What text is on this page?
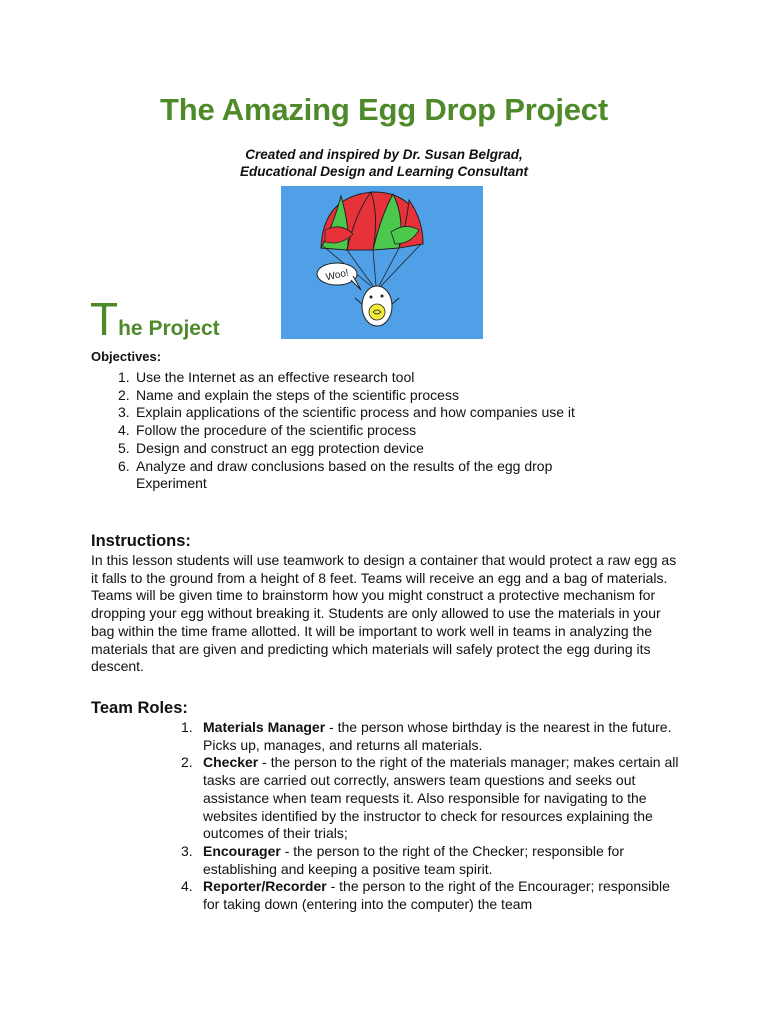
The Amazing Egg Drop Project
Created and inspired by Dr. Susan Belgrad,
Educational Design and Learning Consultant
Woo!
The Project
Objectives:
1. Use the Internet as an effective research tool
2. Name and explain the steps of the scientific process
3. Explain applications of the scientific process and how companies use it
4. Follow the procedure of the scientific process
5. Design and construct an egg protection device
6. Analyze and draw conclusions based on the results of the egg drop Experiment
Instructions:
In this lesson students will use teamwork to design a container that would protect a raw egg as it falls to the ground from a height of 8 feet. Teams will receive an egg and a bag of materials. Teams will be given time to brainstorm how you might construct a protective mechanism for dropping your egg without breaking it. Students are only allowed to use the materials in your bag within the time frame allotted. It will be important to work well in teams in analyzing the materials that are given and predicting which materials will safely protect the egg during its descent.
Team Roles:
1. Materials Manager - the person whose birthday is the nearest in the future. Picks up, manages, and returns all materials.
2. Checker - the person to the right of the materials manager; makes certain all tasks are carried out correctly, answers team questions and seeks out assistance when team requests it. Also responsible for navigating to the websites identified by the instructor to check for resources explaining the outcomes of their trials;
3. Encourager - the person to the right of the Checker; responsible for establishing and keeping a positive team spirit.
4. Reporter/Recorder - the person to the right of the Encourager; responsible for taking down (entering into the computer) the team
